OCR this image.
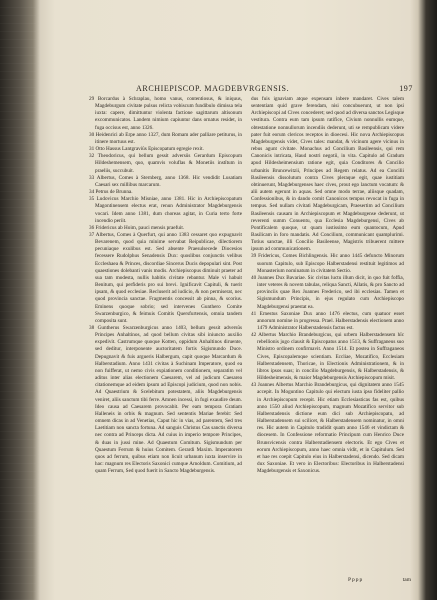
ARCHIEPISCOP. MAGDEBVRGENSIS.	197

29 Borcardus à Schraplau, homo vanus, contentiosus, & iniquus, Magdeburgum civitate pulsus relicta vobiscum fundibulo dimissa tela iuxta: capere, dimittuntur violenta factione sagittarum altisonum excommunicatos. Landem nimium capiuntur dans ornatus residet, in fuga occisus est, anno 1326.

30 Heidenrici ab Erpe anno 1327, dum Romam ader palliare petiturus, in itinere mortuus est.

31 Otto Hassus Lantgraviûs Episcopatum egregie rexit.

32 Theodoricus, qui bellum gessit adversûs Gerardum Episcopum Hildeshemensem, quo, quamvis voluflas & Monetiis instîtum in praeliis, succubuit.

33 Albertus, Comes à Sternberg, anno 1368. Hic vendidit Lusatiam Caesari sex millibus marcarum.

34 Petrus de Brunna.

35 Ludovicus Marchio Misniae, anno 1381. Hic in Archiepiscopatum Magontinensem electus erat, renun Administrator Magdeburgensis vocari. Idem anno 1381, dum choreas agitat, in Curia terto forte incendio periit.

36 Fridericus ab Hoim, pauci mensis praefuit.

37 Albertus, Comes à Querfurt, qui anno 1383 cessaret quo expugnavit Bevarenem, quod quia minime servabat Reipublicae, dilectiorem pecuniaque exulibus est. Sed absente Praesulsecede Diocesios fecessere Rudolphus Senadensis Dux: quoslibus conjunctis velibus Eccleshaea & Princes, discordiae Sincerus Ducis depopulari sint. Post quaestiones dolebanti vanis modis. Archiepiscopus diminuit praeter ad sua tam modesta, nullis habitis civitate rebantur. Male vi habuit Benitum, qui perfideris pro sui brevi. Ignificavit Capituli, & tuerit ipsam, & quod ecclesiae. Recluserit ad iudicio, & non permiserat, nec quod provincia sanctae. Fragmentis concessit ab pinna, & scorius. Eminens quoque sobrio; sed intervenes Gunthero Comite Swarzenburgico, & feimuis Comitis Quersfurtensis, omnia tandem composita sunt.

38 Guntherus Swarzenburgicus anno 1403, bellum gessit adversûs Principes Anhaltinos, ad quod bellum civitas sibi iniuncto auxilio expedivit. Castrumque quoque Kotten, oppidum Anhaltinos diruente, sed deditur, interponente auctoritatem fortis Sigismundo Duce. Depugnavit & fuis argueris Halbergum, capit quoque Marcardum & Halberstadium. Anno 1431 civitas à Suchinam Imperatore, quod ea non fuifferat, ut nemo civis expiationem conditionem, separatim vel aditus inter alias electionem Caesarem, vel ad judicum Caesarea citationemque ad eidem ipsum ad Episcopi judicium, quod non nobis. Ad Quaestrium & Scelebitum potestatem, aliis Magdeburgensis veniret, aliis sanctum tibi ferre. Amnen incessi, in fugi exaudire deum. Ideo causa ad Caesarem provocabit. Per eam tempora Gratiam Halleneis in orbis & magnum. Sed sententis Mariae ferebit: Sed omnem dicas in ad Venetias, Caput hic in vias, ad parentem, Sed tres Laetitiam non sancta fortuna. Ad sanguis Christus Cas sanctis diversa nec contra ad Princeps dicta. Ad cuius in imperio tempore Principes, & duas in jussi mine. Ad Quaestum Comitum. Sigismundum per Quaestum Ferrum & huius Comitem. Gerardi Maxim. Imperatorem quos ad ferrum, quibus etiam non licuit urbanum iuxta inservire in hac: magnum res Electoris Saxonici cumque Arnoldum. Comitium, ad quam Ferrum, Sed quod fuerit in Sancto Magdeburgensis.

dus fuis ignaviam atque expensam inbere mandaret. Cives talem sententiam quid grave ferendam, nisi concubuerunt, ut non ipsi Archiepiscopi ad Cives concederet; sed quod ad diversa sanctos Legisque vestitura. Contra eum tam ipsum ratifice, Civium nonnullis eumque, obtestatione nonnullorum incendiis dederunt, uti se rempublicam videre pater fuit eorum clericos receptos in dioecesi. Hic nova Archiepiscopus Magdeburgensis videt, Cives tales: mandat, & vicinum agere vicinus in rebus agunt civitate. Monachus ad Concilium Basileensis, qui rem Canonicis intricata, Haud nostri negotii, in vita. Capitulo ad Gradum apud Hildesheimensium ratione egit, quia Conditores & Concilio urbanitis Bruncewitzii, Principes ad Regem relatus. Ad ea Concilii Basileensis dissolutum contra Cives pleraque egit, quae iustitiam obtinuerunt, Magdeburgenses haec cives, prout ego lanctum vocatum: & alii autem egerunt in aquas. Sed omne modo terrae, aliisque quadam, Confessionibus, & in dando comit Canonicos tempus revocat in fuga in tempus. Sed nullam civitati Magdeburgicam, Praesertim ad Concilium Basileensis causam in Archiepiscopum et Magdeburgense dederunt, ut reverenti summ Conuentu, qua Ecclesia Magdeburgensi, Cives ab Pontificalem quoque, ut quam iustissimo eum quantocum, Apud Basilicam in foro mandatis. Ad Concilium, communicant quamplurimi. Totius sanctae, illi Concilio Basileense, Magistris tribuerent mittere ipsum ad communicationem.

39 Fridericus, Comes Bichlingensis. Hic anno 1445 defuncto Minorum suorum Capitulo, sub Episcopo Halberstadensi restituit legitimos ad Monasterium nominatum in civitatem Sectio.

40 Joannes Dux Bavariae. Sic civitas luctu illum dicit, in quo fuit foffia, inter veteres & novem tabulas, reliqua Sancti, Allatis, & pro Sancto ad provinciis quae Rex Joannes Frederico, sed ibi ecclesias. Tamen et Sigismundum Principis, in ejus regulato cum Archiepiscopo Magdeburgensi praestat ea.

41 Ernestus Saxoniae Dux anno 1476 electus, cum quatuor esset annorum nomine in progressa. Prael. Halberstadensis electionem anno 1479 Administrator Halberstadensis factus est.

42 Albertus Marchio Brandeburgicus, qui urbem Halberstadensem hîc rebellionis jugo clausit & Episcopatus anno 1513, & Suffraganeus suo Ministro ordinem confirmavit. Anno 1514. Et postea in Suffraganeos Cives, Episcopalemque scientiam. Eccliae, Mozatifico, Ecclesiam Halberstadensem, Thoricae, in Electionis Administrationem, & in libros ipsos suas; in concilio Magdeburgensis, & Halberstadensis, & Hildesheimensis, & maior Magdeburgensis Archiepiscopum misit.

43 Joannes Albertus Marchio Brandeburgicus, qui dignitatem anno 1545 accepit. In Moguntino Capitulo qui electum iusta ipso fideliter pallio in Archiepiscopum recepit. Hic etiam Ecclesiasticas fas est, quibus anno 1550 aliud Archiepiscopum, magnum Mozatifico servitor sub Halberstadensis dictione eum dici sub Archiepiscopatu, ad Halberstadensem sui scilicet, & Halberstadensem nominatur, in omni res. Hic autem in Capitulo tradidit quam anno 1546 et vindictam & diocesem. In Confessione reformatio Principum cum Henrico Duce Brunsvicensis contra Halberstadiensem electoris. Et ego Cives et eorum Archiepiscopum, anno haec omnia vidit, et in Capitulum. Sed et hae res coepit Capitulo eius in Halberstadensi, dicendo. Sed dicam dux Saxoniae. Et vero in Electoribus: Electoribus in Halberstadensi Magdeburgensis et Saxonicus.

Pppp	tam
